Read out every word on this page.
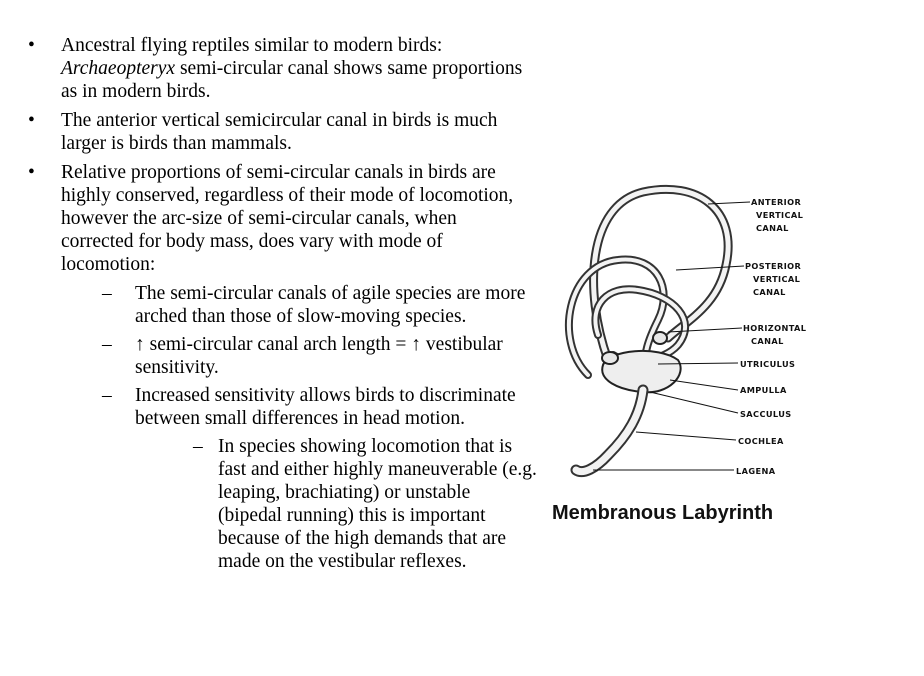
• Ancestral flying reptiles similar to modern birds:
Archaeopteryx semi-circular canal shows same proportions as in modern birds.
• The anterior vertical semicircular canal in birds is much larger is birds than mammals.
• Relative proportions of semi-circular canals in birds are highly conserved, regardless of their mode of locomotion, however the arc-size of semi-circular canals, when corrected for body mass, does vary with mode of locomotion:
– The semi-circular canals of agile species are more arched than those of slow-moving species.
– ↑ semi-circular canal arch length = ↑ vestibular sensitivity.
– Increased sensitivity allows birds to discriminate between small differences in head motion.
– In species showing locomotion that is fast and either highly maneuverable (e.g. leaping, brachiating) or unstable (bipedal running) this is important because of the high demands that are made on the vestibular reflexes.
ANTERIOR
VERTICAL
CANAL
POSTERIOR
VERTICAL
CANAL
HORIZONTAL
CANAL
UTRICULUS
AMPULLA
SACCULUS
COCHLEA
LAGENA
Membranous Labyrinth
